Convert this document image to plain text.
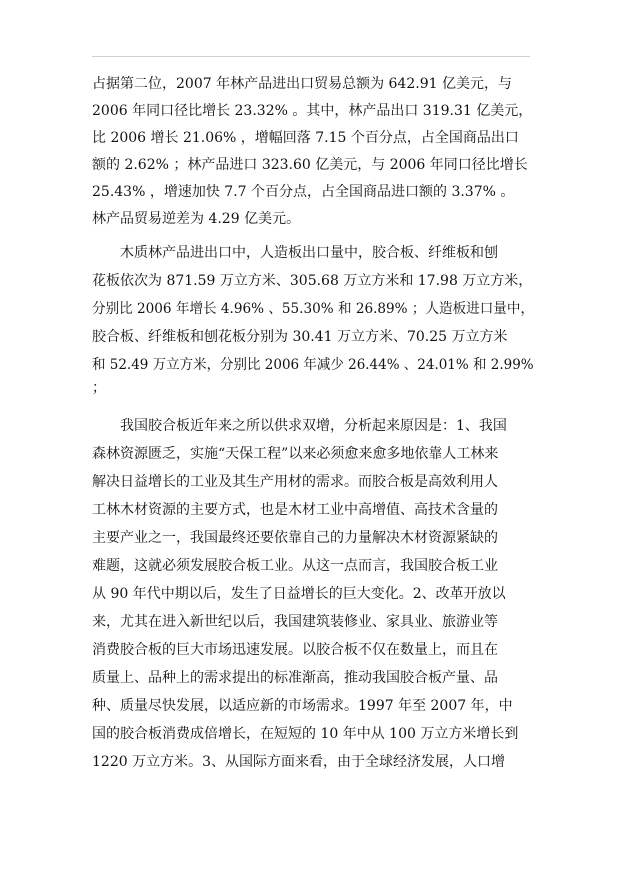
占据第二位，2007 年林产品进出口贸易总额为 642.91 亿美元，与
2006 年同口径比增长 23.32% 。其中，林产品出口 319.31 亿美元，
比 2006 增长 21.06% ，增幅回落 7.15 个百分点，占全国商品出口
额的 2.62% ；林产品进口 323.60 亿美元，与 2006 年同口径比增长
25.43% ，增速加快 7.7 个百分点，占全国商品进口额的 3.37% 。
林产品贸易逆差为 4.29 亿美元。
木质林产品进出口中，人造板出口量中，胶合板、纤维板和刨
花板依次为 871.59 万立方米、305.68 万立方米和 17.98 万立方米，
分别比 2006 年增长 4.96% 、55.30% 和 26.89% ；人造板进口量中，
胶合板、纤维板和刨花板分别为 30.41 万立方米、70.25 万立方米
和 52.49 万立方米，分别比 2006 年减少 26.44% 、24.01% 和 2.99%
；
我国胶合板近年来之所以供求双增，分析起来原因是：1、我国
森林资源匮乏，实施“天保工程”以来必须愈来愈多地依靠人工林来
解决日益增长的工业及其生产用材的需求。而胶合板是高效利用人
工林木材资源的主要方式，也是木材工业中高增值、高技术含量的
主要产业之一，我国最终还要依靠自己的力量解决木材资源紧缺的
难题，这就必须发展胶合板工业。从这一点而言，我国胶合板工业
从 90 年代中期以后，发生了日益增长的巨大变化。2、改革开放以
来，尤其在进入新世纪以后，我国建筑装修业、家具业、旅游业等
消费胶合板的巨大市场迅速发展。以胶合板不仅在数量上，而且在
质量上、品种上的需求提出的标准渐高，推动我国胶合板产量、品
种、质量尽快发展，以适应新的市场需求。1997 年至 2007 年，中
国的胶合板消费成倍增长，在短短的 10 年中从 100 万立方米增长到
1220 万立方米。3、从国际方面来看，由于全球经济发展，人口增
